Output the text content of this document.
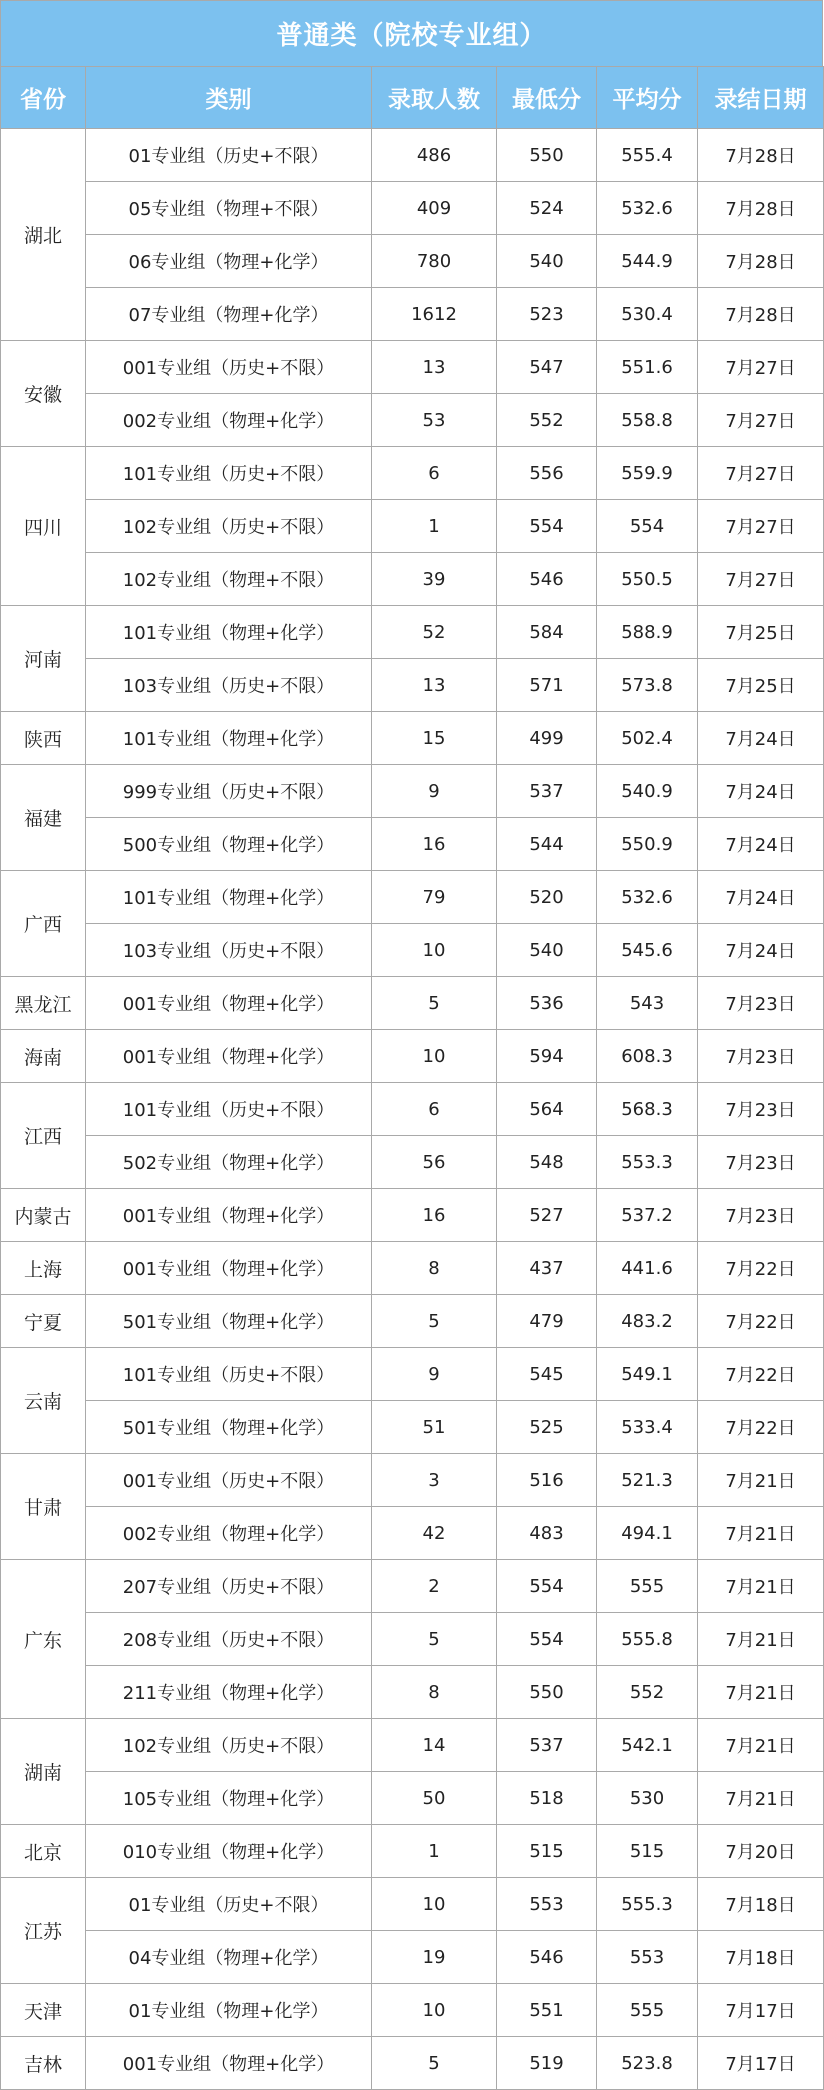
普通类（院校专业组）
省份	类别	录取人数	最低分	平均分	录结日期
湖北	01专业组（历史+不限）	486	550	555.4	7月28日
	05专业组（物理+不限）	409	524	532.6	7月28日
	06专业组（物理+化学）	780	540	544.9	7月28日
	07专业组（物理+化学）	1612	523	530.4	7月28日
安徽	001专业组（历史+不限）	13	547	551.6	7月27日
	002专业组（物理+化学）	53	552	558.8	7月27日
四川	101专业组（历史+不限）	6	556	559.9	7月27日
	102专业组（历史+不限）	1	554	554	7月27日
	102专业组（物理+不限）	39	546	550.5	7月27日
河南	101专业组（物理+化学）	52	584	588.9	7月25日
	103专业组（历史+不限）	13	571	573.8	7月25日
陕西	101专业组（物理+化学）	15	499	502.4	7月24日
福建	999专业组（历史+不限）	9	537	540.9	7月24日
	500专业组（物理+化学）	16	544	550.9	7月24日
广西	101专业组（物理+化学）	79	520	532.6	7月24日
	103专业组（历史+不限）	10	540	545.6	7月24日
黑龙江	001专业组（物理+化学）	5	536	543	7月23日
海南	001专业组（物理+化学）	10	594	608.3	7月23日
江西	101专业组（历史+不限）	6	564	568.3	7月23日
	502专业组（物理+化学）	56	548	553.3	7月23日
内蒙古	001专业组（物理+化学）	16	527	537.2	7月23日
上海	001专业组（物理+化学）	8	437	441.6	7月22日
宁夏	501专业组（物理+化学）	5	479	483.2	7月22日
云南	101专业组（历史+不限）	9	545	549.1	7月22日
	501专业组（物理+化学）	51	525	533.4	7月22日
甘肃	001专业组（历史+不限）	3	516	521.3	7月21日
	002专业组（物理+化学）	42	483	494.1	7月21日
广东	207专业组（历史+不限）	2	554	555	7月21日
	208专业组（历史+不限）	5	554	555.8	7月21日
	211专业组（物理+化学）	8	550	552	7月21日
湖南	102专业组（历史+不限）	14	537	542.1	7月21日
	105专业组（物理+化学）	50	518	530	7月21日
北京	010专业组（物理+化学）	1	515	515	7月20日
江苏	01专业组（历史+不限）	10	553	555.3	7月18日
	04专业组（物理+化学）	19	546	553	7月18日
天津	01专业组（物理+化学）	10	551	555	7月17日
吉林	001专业组（物理+化学）	5	519	523.8	7月17日
